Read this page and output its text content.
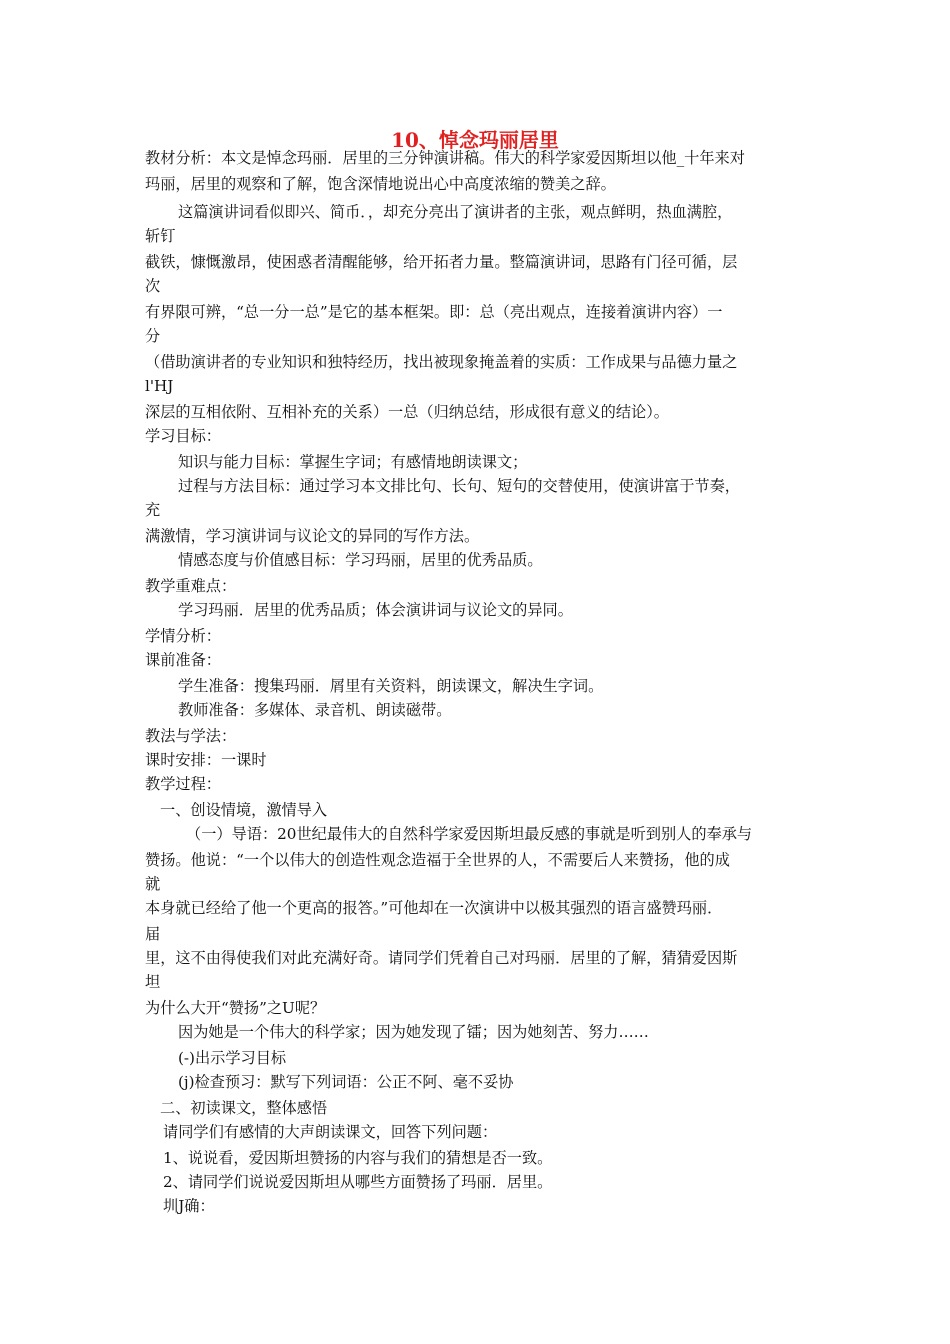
10、悼念玛丽居里
教材分析：本文是悼念玛丽．居里的三分钟演讲稿。伟大的科学家爱因斯坦以他_十年来对
玛丽，居里的观察和了解，饱含深情地说出心中高度浓缩的赞美之辞。
这篇演讲词看似即兴、简币．，却充分亮出了演讲者的主张，观点鲜明，热血满腔，
斩钉
截铁，慷慨激昂，使困惑者清醒能够，给开拓者力量。整篇演讲词，思路有门径可循，层
次
有界限可辨，“总一分一总”是它的基本框架。即：总（亮出观点，连接着演讲内容）一
分
（借助演讲者的专业知识和独特经历，找出被现象掩盖着的实质：工作成果与品德力量之
l'HJ
深层的互相依附、互相补充的关系）一总（归纳总结，形成很有意义的结论）。
学习目标：
知识与能力目标：掌握生字词；有感情地朗读课文；
过程与方法目标：通过学习本文排比句、长句、短句的交替使用，使演讲富于节奏，
充
满激情，学习演讲词与议论文的异同的写作方法。
情感态度与价值感目标：学习玛丽，居里的优秀品质。
教学重难点：
学习玛丽．居里的优秀品质；体会演讲词与议论文的异同。
学情分析：
课前准备：
学生准备：搜集玛丽．屑里有关资料，朗读课文，解决生字词。
教师准备：多媒体、录音机、朗读磁带。
教法与学法：
课时安排：一课时
教学过程：
一、创设情境，激情导入
（一）导语：20世纪最伟大的自然科学家爱因斯坦最反感的事就是听到别人的奉承与
赞扬。他说：“一个以伟大的创造性观念造福于全世界的人，不需要后人来赞扬，他的成
就
本身就已经给了他一个更高的报答。”可他却在一次演讲中以极其强烈的语言盛赞玛丽．
届
里，这不由得使我们对此充满好奇。请同学们凭着自己对玛丽．居里的了解，猜猜爱因斯
坦
为什么大开“赞扬”之U呢？
因为她是一个伟大的科学家；因为她发现了镭；因为她刻苦、努力……
(-)出示学习目标
(j)检查预习：默写下列词语：公正不阿、毫不妥协
二、初读课文，整体感悟
请同学们有感情的大声朗读课文，回答下列问题：
1、说说看，爱因斯坦赞扬的内容与我们的猜想是否一致。
2、请同学们说说爱因斯坦从哪些方面赞扬了玛丽．居里。
圳J确：
